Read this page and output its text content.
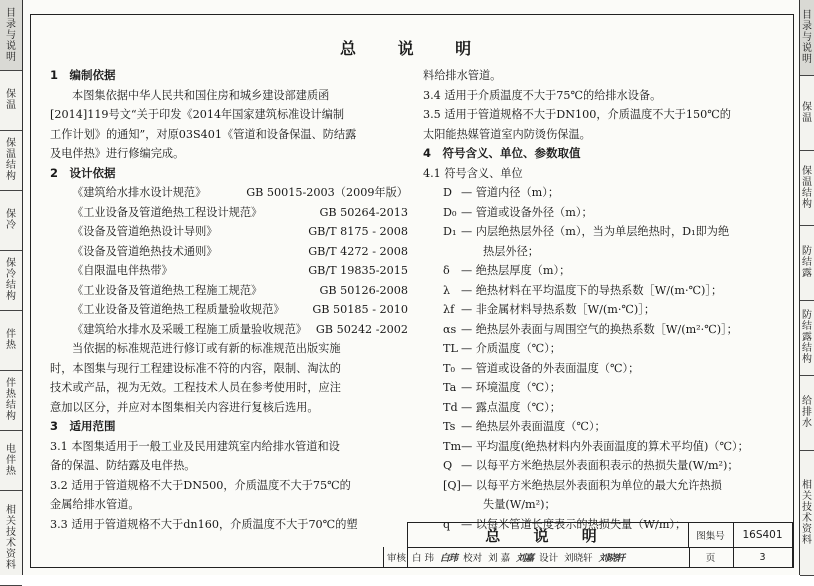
目录与说明
保温
保温结构
保冷
保冷结构
伴热
伴热结构
电伴热
相关技术资料
目录与说明
保温
保温结构
防结露
防结露结构
给排水
相关技术资料
总 说 明

1　编制依据

本图集依据中华人民共和国住房和城乡建设部建质函

[2014]119号文“关于印发《2014年国家建筑标准设计编制

工作计划》的通知”，对原03S401《管道和设备保温、防结露

及电伴热》进行修编完成。

2　设计依据

《建筑给水排水设计规范》	GB 50015-2003（2009年版）

《工业设备及管道绝热工程设计规范》	GB 50264-2013

《设备及管道绝热设计导则》	GB/T 8175 - 2008

《设备及管道绝热技术通则》	GB/T 4272 - 2008

《自限温电伴热带》	GB/T 19835-2015

《工业设备及管道绝热工程施工规范》	GB 50126-2008

《工业设备及管道绝热工程质量验收规范》 GB 50185 - 2010

《建筑给水排水及采暖工程施工质量验收规范》 GB 50242 -2002

当依据的标准规范进行修订或有新的标准规范出版实施

时，本图集与现行工程建设标准不符的内容，限制、淘汰的

技术或产品，视为无效。工程技术人员在参考使用时，应注

意加以区分，并应对本图集相关内容进行复核后选用。

3　适用范围

3.1 本图集适用于一般工业及民用建筑室内给排水管道和设

备的保温、防结露及电伴热。

3.2 适用于管道规格不大于DN500，介质温度不大于75℃的

金属给排水管道。

3.3 适用于管道规格不大于dn160，介质温度不大于70℃的塑

料给排水管道。

3.4 适用于介质温度不大于75℃的给排水设备。

3.5 适用于管道规格不大于DN100，介质温度不大于150℃的

太阳能热媒管道室内防烫伤保温。

4　符号含义、单位、参数取值

4.1 符号含义、单位

D — 管道内径（m）；

D₀ — 管道或设备外径（m）；

D₁ — 内层绝热层外径（m），当为单层绝热时，D₁即为绝

热层外径；

δ — 绝热层厚度（m）；

λ — 绝热材料在平均温度下的导热系数［W/(m·℃)］；

λf — 非金属材料导热系数［W/(m·℃)］；

αs — 绝热层外表面与周围空气的换热系数［W/(m²·℃)］；

TL — 介质温度（℃）；

T₀ — 管道或设备的外表面温度（℃）；

Ta — 环境温度（℃）；

Td — 露点温度（℃）；

Ts — 绝热层外表面温度（℃）；

Tm— 平均温度(绝热材料内外表面温度的算术平均值)（℃）；

Q — 以每平方米绝热层外表面积表示的热损失量(W/m²)；

[Q]— 以每平方米绝热层外表面积为单位的最大允许热损

失量(W/m²)；

q — 以每米管道长度表示的热损失量（W/m）；

总 说 明	图集号	16S401
审核 白 玮 白玮 校对 刘 嘉 刘嘉 设计 刘晓轩 刘晓轩	页	3
